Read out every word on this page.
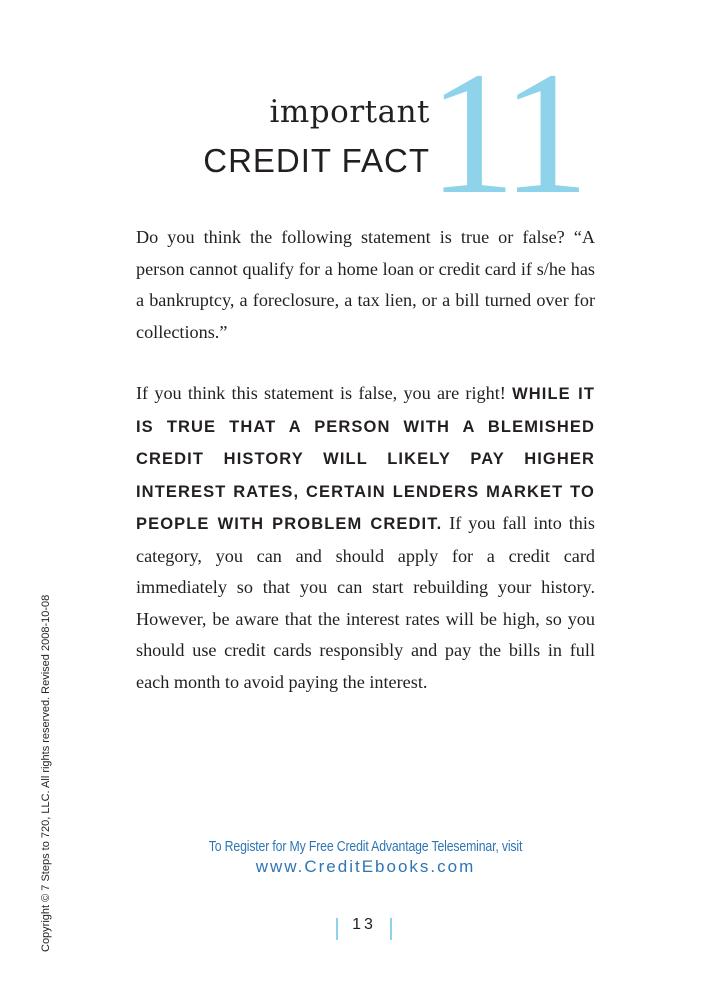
Copyright © 7 Steps to 720, LLC. All rights reserved. Revised 2008-10-08
important
CREDIT FACT
11

Do you think the following statement is true or false? “A person cannot qualify for a home loan or credit card if s/he has a bankruptcy, a foreclosure, a tax lien, or a bill turned over for collections.”

If you think this statement is false, you are right! WHILE IT IS TRUE THAT A PERSON WITH A BLEMISHED CREDIT HISTORY WILL LIKELY PAY HIGHER INTEREST RATES, CERTAIN LENDERS MARKET TO PEOPLE WITH PROBLEM CREDIT. If you fall into this category, you can and should apply for a credit card immediately so that you can start rebuilding your history. However, be aware that the interest rates will be high, so you should use credit cards responsibly and pay the bills in full each month to avoid paying the interest.

To Register for My Free Credit Advantage Teleseminar, visit
www.CreditEbooks.com
13
